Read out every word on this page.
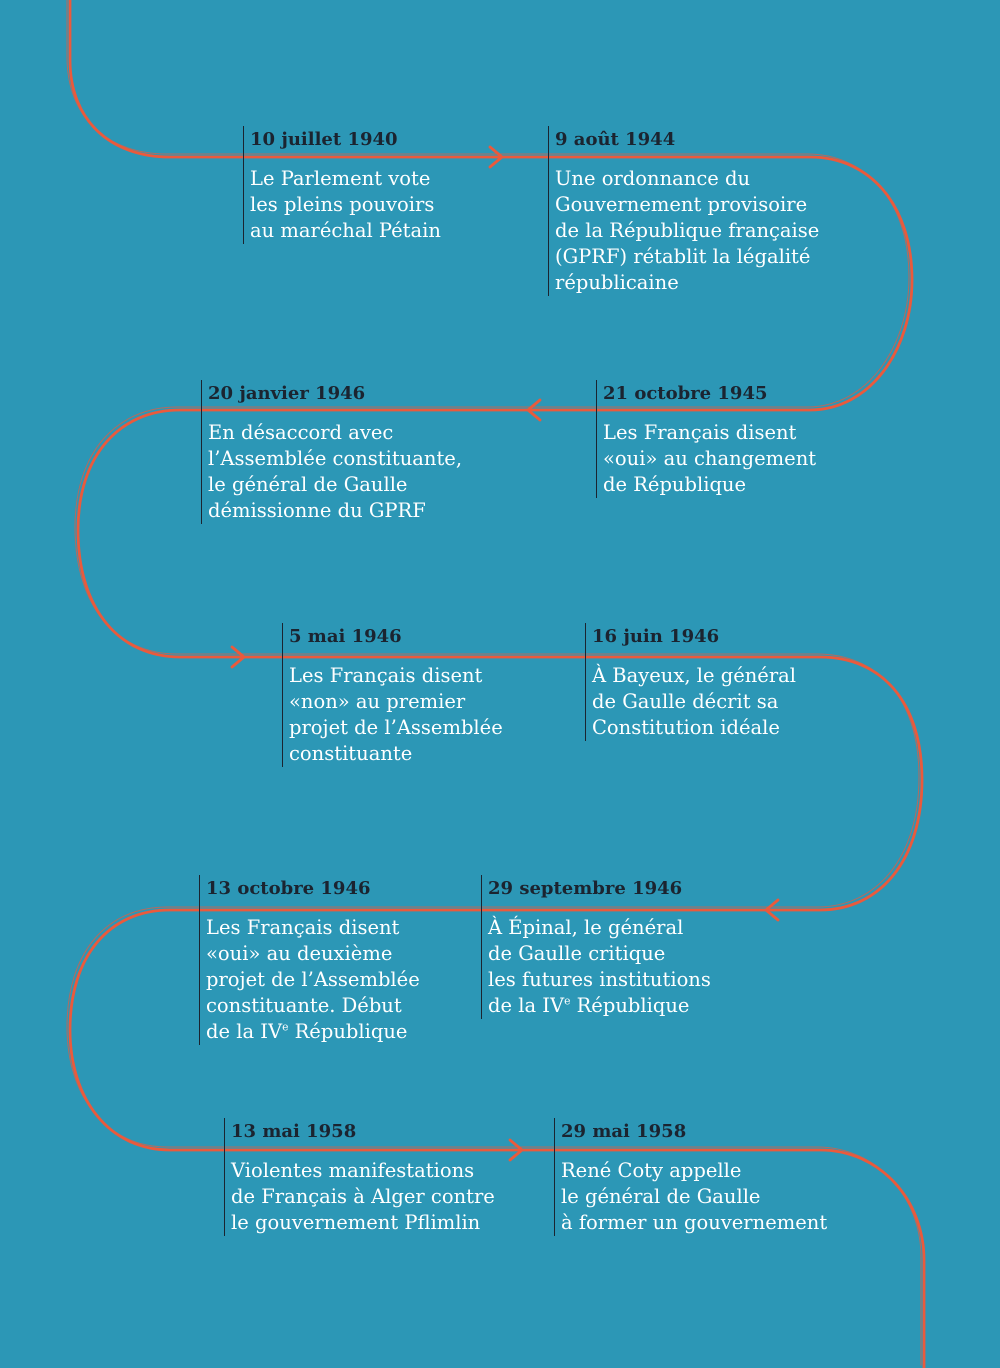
10 juillet 1940
Le Parlement vote
les pleins pouvoirs
au maréchal Pétain
9 août 1944
Une ordonnance du
Gouvernement provisoire
de la République française
(GPRF) rétablit la légalité
républicaine
20 janvier 1946
En désaccord avec
l’Assemblée constituante,
le général de Gaulle
démissionne du GPRF
21 octobre 1945
Les Français disent
«oui» au changement
de République
5 mai 1946
Les Français disent
«non» au premier
projet de l’Assemblée
constituante
16 juin 1946
À Bayeux, le général
de Gaulle décrit sa
Constitution idéale
13 octobre 1946
Les Français disent
«oui» au deuxième
projet de l’Assemblée
constituante. Début
de la IVe République
29 septembre 1946
À Épinal, le général
de Gaulle critique
les futures institutions
de la IVe République
13 mai 1958
Violentes manifestations
de Français à Alger contre
le gouvernement Pflimlin
29 mai 1958
René Coty appelle
le général de Gaulle
à former un gouvernement
